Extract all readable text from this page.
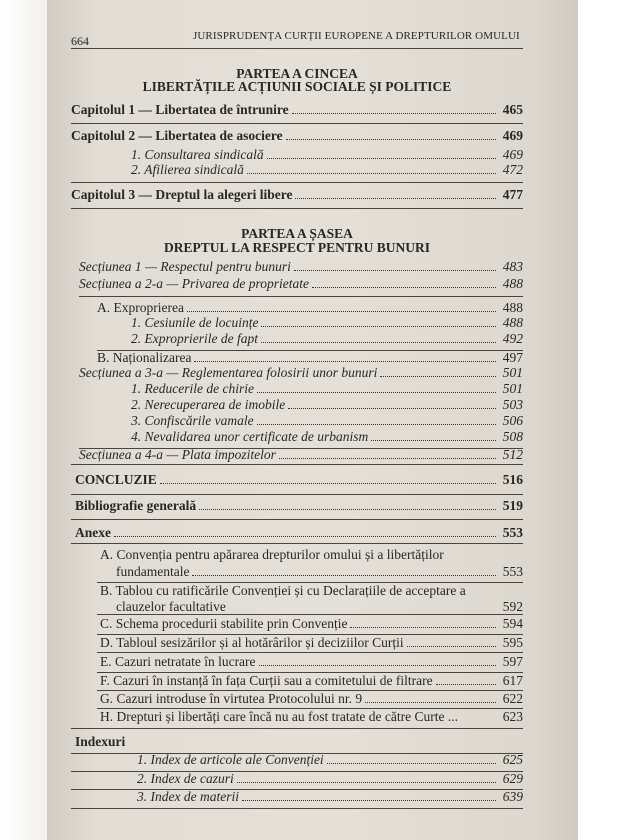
664	JURISPRUDENȚA CURȚII EUROPENE A DREPTURILOR OMULUI
PARTEA A CINCEA
LIBERTĂȚILE ACȚIUNII SOCIALE ȘI POLITICE
Capitolul 1 — Libertatea de întrunire	465
Capitolul 2 — Libertatea de asociere	469
1. Consultarea sindicală	469
2. Afilierea sindicală	472
Capitolul 3 — Dreptul la alegeri libere	477
PARTEA A ȘASEA
DREPTUL LA RESPECT PENTRU BUNURI
Secțiunea 1 — Respectul pentru bunuri	483
Secțiunea a 2-a — Privarea de proprietate	488
A. Exproprierea	488
1. Cesiunile de locuințe	488
2. Exproprierile de fapt	492
B. Naționalizarea	497
Secțiunea a 3-a — Reglementarea folosirii unor bunuri	501
1. Reducerile de chirie	501
2. Nerecuperarea de imobile	503
3. Confiscările vamale	506
4. Nevalidarea unor certificate de urbanism	508
Secțiunea a 4-a — Plata impozitelor	512
CONCLUZIE	516
Bibliografie generală	519
Anexe	553
A. Convenția pentru apărarea drepturilor omului și a libertăților
fundamentale	553
B. Tablou cu ratificările Convenției și cu Declarațiile de acceptare a
clauzelor facultative	592
C. Schema procedurii stabilite prin Convenție	594
D. Tabloul sesizărilor și al hotărârilor și deciziilor Curții	595
E. Cazuri netratate în lucrare	597
F. Cazuri în instanță în fața Curții sau a comitetului de filtrare	617
G. Cazuri introduse în virtutea Protocolului nr. 9	622
H. Drepturi și libertăți care încă nu au fost tratate de către Curte ...	623
Indexuri
1. Index de articole ale Convenției	625
2. Index de cazuri	629
3. Index de materii	639
